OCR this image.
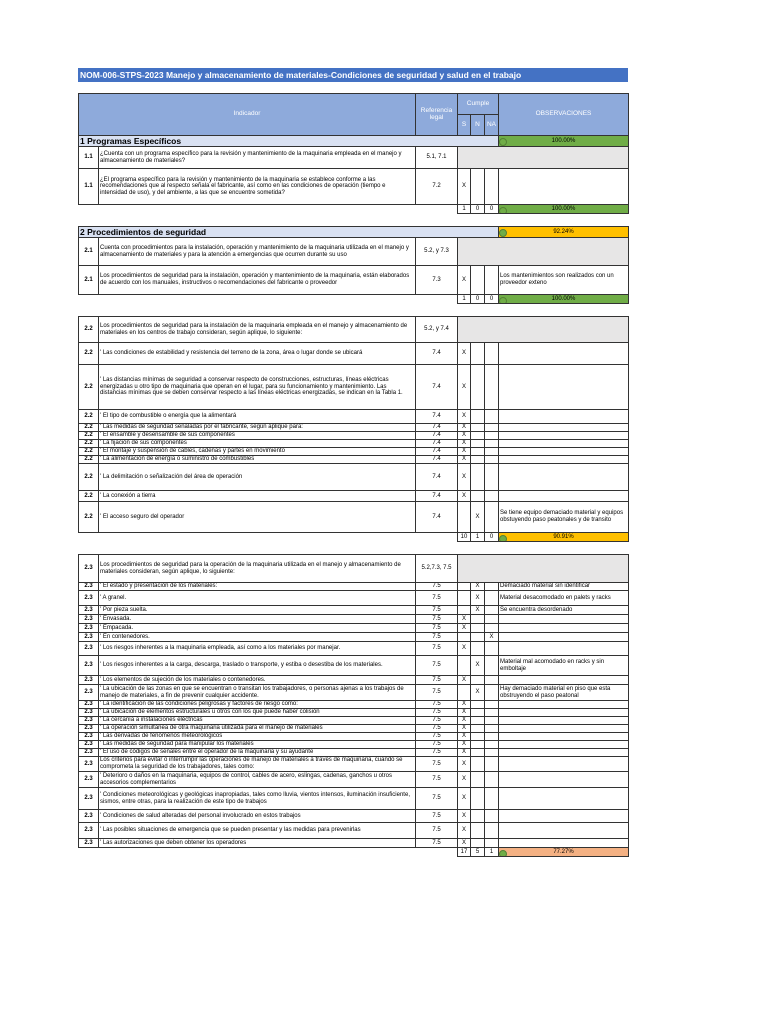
NOM-006-STPS-2023 Manejo y almacenamiento de materiales-Condiciones de seguridad y salud en el trabajo
Indicador		Referencia legal	Cumple			OBSERVACIONES
			S	N	NA	
1 Programas Específicos						100.00%
1.1	¿Cuenta con un programa específico para la revisión y mantenimiento de la maquinaria empleada en el manejo y almacenamiento de materiales?	5.1, 7.1				
1.1	¿El programa específico para la revisión y mantenimiento de la maquinaria se establece conforme a las recomendaciones que al respecto señala el fabricante, así como en las condiciones de operación (tiempo e intensidad de uso), y del ambiente, a las que se encuentre sometida?	7.2	X			
			1	0	0	100.00%

2 Procedimientos de seguridad						92.24%
2.1	Cuenta con procedimientos para la instalación, operación y mantenimiento de la maquinaria utilizada en el manejo y almacenamiento de materiales y para la atención a emergencias que ocurren durante su uso	5.2, y 7.3				
2.1	Los procedimientos de seguridad para la instalación, operación y mantenimiento de la maquinaria, están elaborados de acuerdo con los manuales, instructivos o recomendaciones del fabricante o proveedor	7.3	X			Los mantenimientos son realizados con un proveedor exteno
			1	0	0	100.00%

2.2	Los procedimientos de seguridad para la instalación de la maquinaria empleada en el manejo y almacenamiento de materiales en los centros de trabajo consideran, según aplique, lo siguiente:	5.2, y 7.4				
2.2	' Las condiciones de estabilidad y resistencia del terreno de la zona, área o lugar donde se ubicará	7.4	X			
2.2	' Las distancias mínimas de seguridad a conservar respecto de construcciones, estructuras, líneas eléctricas energizadas u otro tipo de maquinaria que operan en el lugar, para su funcionamiento y mantenimiento. Las distancias mínimas que se deben conservar respecto a las líneas eléctricas energizadas, se indican en la Tabla 1.	7.4	X			
2.2	' El tipo de combustible o energía que la alimentará	7.4	X			
2.2	' Las medidas de seguridad señaladas por el fabricante, según aplique para:	7.4	X			
2.2	' El ensamble y desensamble de sus componentes	7.4	X			
2.2	' La fijación de sus componentes	7.4	X			
2.2	' El montaje y suspensión de cables, cadenas y partes en movimiento	7.4	X			
2.2	' La alimentación de energía o suministro de combustibles	7.4	X			
2.2	' La delimitación o señalización del área de operación	7.4	X			
2.2	' La conexión a tierra	7.4	X			
2.2	' El acceso seguro del operador	7.4		X		Se tiene equipo demaciado material y equipos obstuyendo paso peatonales y de transito
			10	1	0	90.91%

2.3	Los procedimientos de seguridad para la operación de la maquinaria utilizada en el manejo y almacenamiento de materiales consideran, según aplique, lo siguiente:	5.2,7.3, 7.5				
2.3	' El estado y presentación de los materiales:	7.5		X		Demaciado material sin identificar
2.3	' A granel.	7.5		X		Material desacomodado en palets y racks
2.3	' Por pieza suelta.	7.5		X		Se encuentra desordenado
2.3	' Envasada.	7.5	X			
2.3	' Empacada.	7.5	X			
2.3	' En contenedores.	7.5			X	
2.3	' Los riesgos inherentes a la maquinaria empleada, así como a los materiales por manejar.	7.5	X			
2.3	' Los riesgos inherentes a la carga, descarga, traslado o transporte, y estiba o desestiba de los materiales.	7.5		X		Material mal acomodado en racks y sin emboltaje
2.3	' Los elementos de sujeción de los materiales o contenedores.	7.5	X			
2.3	' La ubicación de las zonas en que se encuentran o transitan los trabajadores, o personas ajenas a los trabajos de manejo de materiales, a fin de prevenir cualquier accidente.	7.5		X		Hay demaciado material en piso que esta obstruyendo el paso peatonal
2.3	' La identificación de las condiciones peligrosas y factores de riesgo como:	7.5	X			
2.3	' La ubicación de elementos estructurales u otros con los que puede haber colisión	7.5	X			
2.3	' La cercanía a instalaciones eléctricas	7.5	X			
2.3	' La operación simultánea de otra maquinaria utilizada para el manejo de materiales	7.5	X			
2.3	' Las derivadas de fenómenos meteorológicos	7.5	X			
2.3	' Las medidas de seguridad para manipular los materiales	7.5	X			
2.3	' El uso de códigos de señales entre el operador de la maquinaria y su ayudante	7.5	X			
2.3	Los criterios para evitar o interrumpir las operaciones de manejo de materiales a través de maquinaria, cuando se comprometa la seguridad de los trabajadores, tales como:	7.5	X			
2.3	' Deterioro o daños en la maquinaria, equipos de control, cables de acero, eslingas, cadenas, ganchos u otros accesorios complementarios	7.5	X			
2.3	' Condiciones meteorológicas y geológicas inapropiadas, tales como lluvia, vientos intensos, iluminación insuficiente, sismos, entre otras, para la realización de este tipo de trabajos	7.5	X			
2.3	' Condiciones de salud alteradas del personal involucrado en estos trabajos	7.5	X			
2.3	' Las posibles situaciones de emergencia que se pueden presentar y las medidas para prevenirlas	7.5	X			
2.3	' Las autorizaciones que deben obtener los operadores	7.5	X			
			17	5	1	77.27%
